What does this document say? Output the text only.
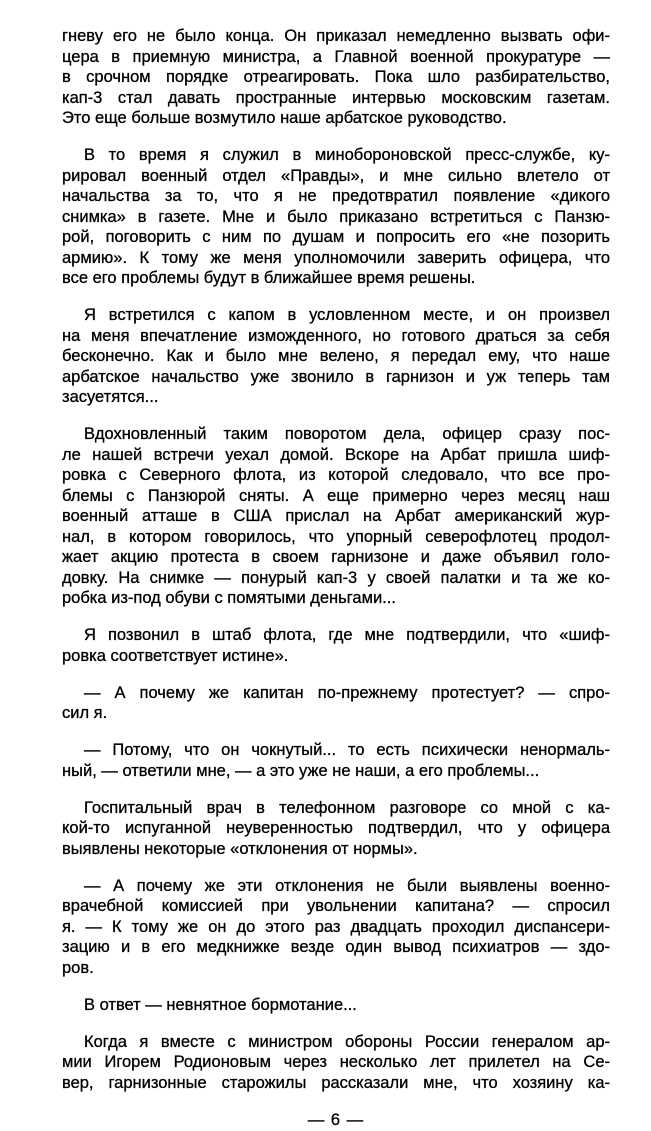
гневу его не было конца. Он приказал немедленно вызвать офи-
цера в приемную министра, а Главной военной прокуратуре —
в срочном порядке отреагировать. Пока шло разбирательство,
кап-3 стал давать пространные интервью московским газетам.
Это еще больше возмутило наше арбатское руководство.

В то время я служил в минобороновской пресс-службе, ку-
рировал военный отдел «Правды», и мне сильно влетело от
начальства за то, что я не предотвратил появление «дикого
снимка» в газете. Мне и было приказано встретиться с Панзю-
рой, поговорить с ним по душам и попросить его «не позорить
армию». К тому же меня уполномочили заверить офицера, что
все его проблемы будут в ближайшее время решены.

Я встретился с капом в условленном месте, и он произвел
на меня впечатление изможденного, но готового драться за себя
бесконечно. Как и было мне велено, я передал ему, что наше
арбатское начальство уже звонило в гарнизон и уж теперь там
засуетятся...

Вдохновленный таким поворотом дела, офицер сразу пос-
ле нашей встречи уехал домой. Вскоре на Арбат пришла шиф-
ровка с Северного флота, из которой следовало, что все про-
блемы с Панзюрой сняты. А еще примерно через месяц наш
военный атташе в США прислал на Арбат американский жур-
нал, в котором говорилось, что упорный северофлотец продол-
жает акцию протеста в своем гарнизоне и даже объявил голо-
довку. На снимке — понурый кап-3 у своей палатки и та же ко-
робка из-под обуви с помятыми деньгами...

Я позвонил в штаб флота, где мне подтвердили, что «шиф-
ровка соответствует истине».

— А почему же капитан по-прежнему протестует? — спро-
сил я.

— Потому, что он чокнутый... то есть психически ненормаль-
ный, — ответили мне, — а это уже не наши, а его проблемы...

Госпитальный врач в телефонном разговоре со мной с ка-
кой-то испуганной неуверенностью подтвердил, что у офицера
выявлены некоторые «отклонения от нормы».

— А почему же эти отклонения не были выявлены военно-
врачебной комиссией при увольнении капитана? — спросил
я. — К тому же он до этого раз двадцать проходил диспансери-
зацию и в его медкнижке везде один вывод психиатров — здо-
ров.

В ответ — невнятное бормотание...

Когда я вместе с министром обороны России генералом ар-
мии Игорем Родионовым через несколько лет прилетел на Се-
вер, гарнизонные старожилы рассказали мне, что хозяину ка-

— 6 —
